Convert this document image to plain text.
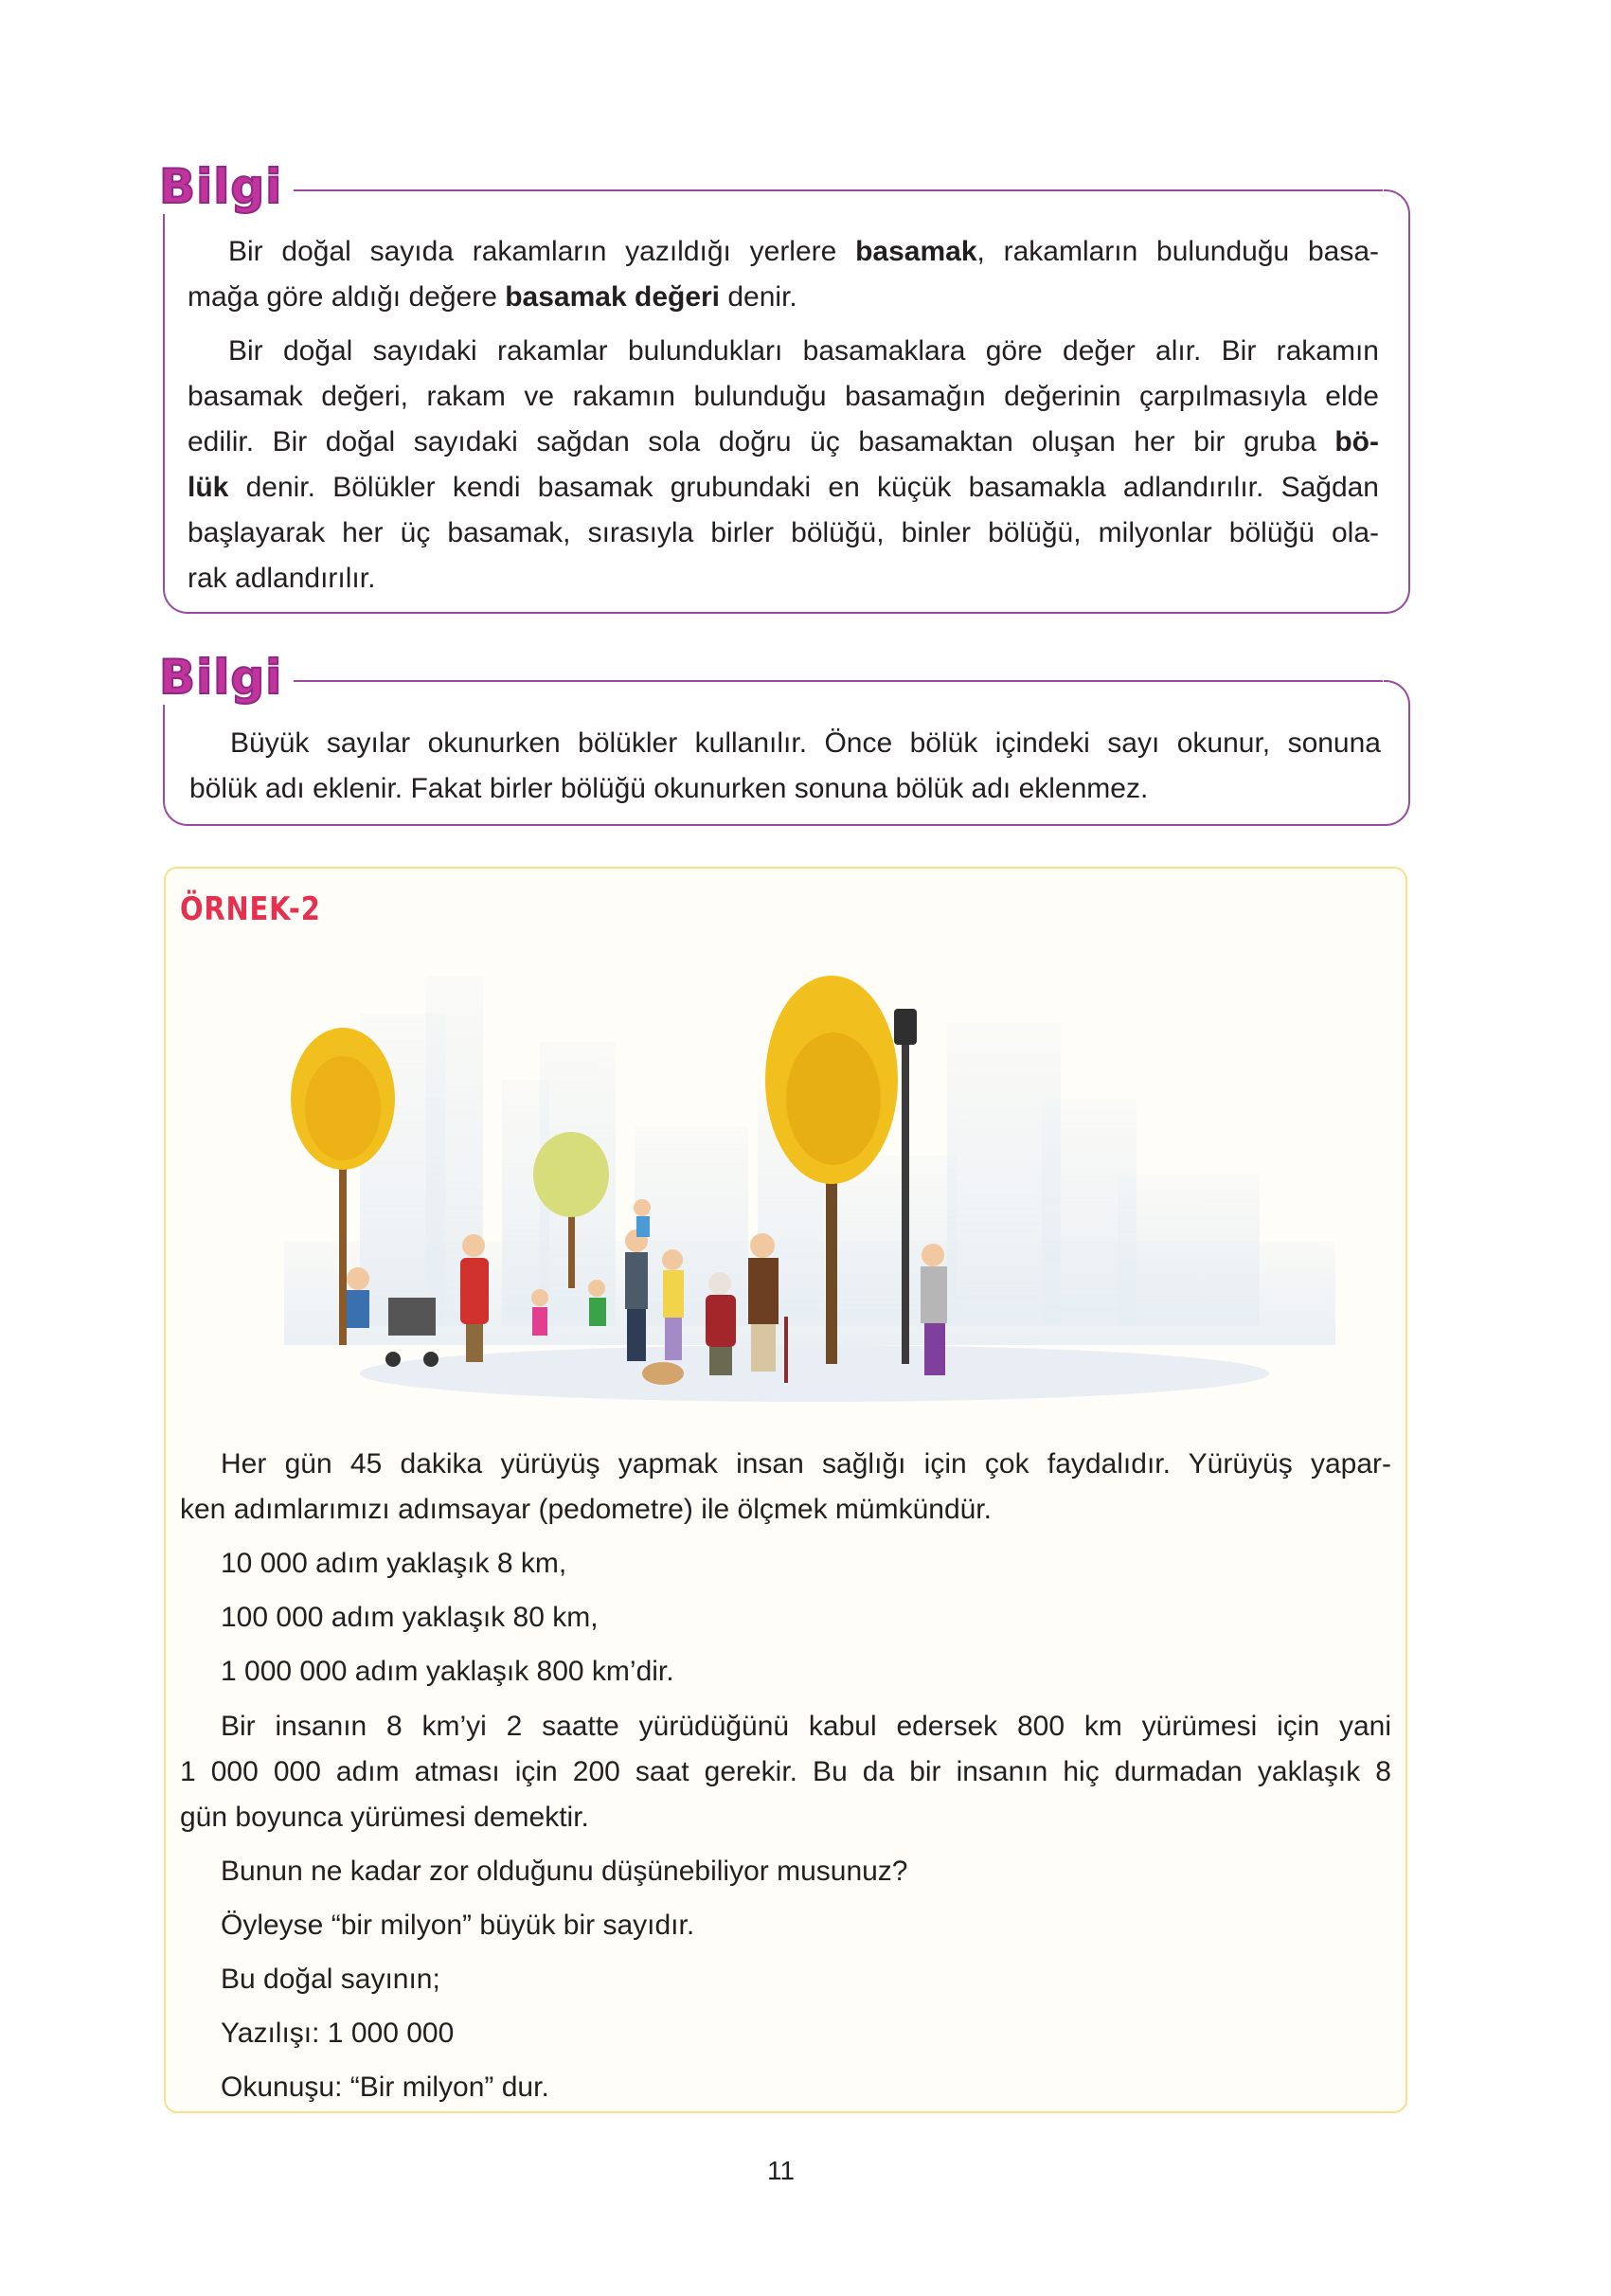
Bilgi
Bir doğal sayıda rakamların yazıldığı yerlere basamak, rakamların bulunduğu basa-
mağa göre aldığı değere basamak değeri denir.
Bir doğal sayıdaki rakamlar bulundukları basamaklara göre değer alır. Bir rakamın
basamak değeri, rakam ve rakamın bulunduğu basamağın değerinin çarpılmasıyla elde
edilir. Bir doğal sayıdaki sağdan sola doğru üç basamaktan oluşan her bir gruba bö-
lük denir. Bölükler kendi basamak grubundaki en küçük basamakla adlandırılır. Sağdan
başlayarak her üç basamak, sırasıyla birler bölüğü, binler bölüğü, milyonlar bölüğü ola-
rak adlandırılır.
Bilgi
Büyük sayılar okunurken bölükler kullanılır. Önce bölük içindeki sayı okunur, sonuna
bölük adı eklenir. Fakat birler bölüğü okunurken sonuna bölük adı eklenmez.
ÖRNEK-2
Her gün 45 dakika yürüyüş yapmak insan sağlığı için çok faydalıdır. Yürüyüş yapar-
ken adımlarımızı adımsayar (pedometre) ile ölçmek mümkündür.
10 000 adım yaklaşık 8 km,
100 000 adım yaklaşık 80 km,
1 000 000 adım yaklaşık 800 km’dir.
Bir insanın 8 km’yi 2 saatte yürüdüğünü kabul edersek 800 km yürümesi için yani
1 000 000 adım atması için 200 saat gerekir. Bu da bir insanın hiç durmadan yaklaşık 8
gün boyunca yürümesi demektir.
Bunun ne kadar zor olduğunu düşünebiliyor musunuz?
Öyleyse “bir milyon” büyük bir sayıdır.
Bu doğal sayının;
Yazılışı: 1 000 000
Okunuşu: “Bir milyon” dur.
11
